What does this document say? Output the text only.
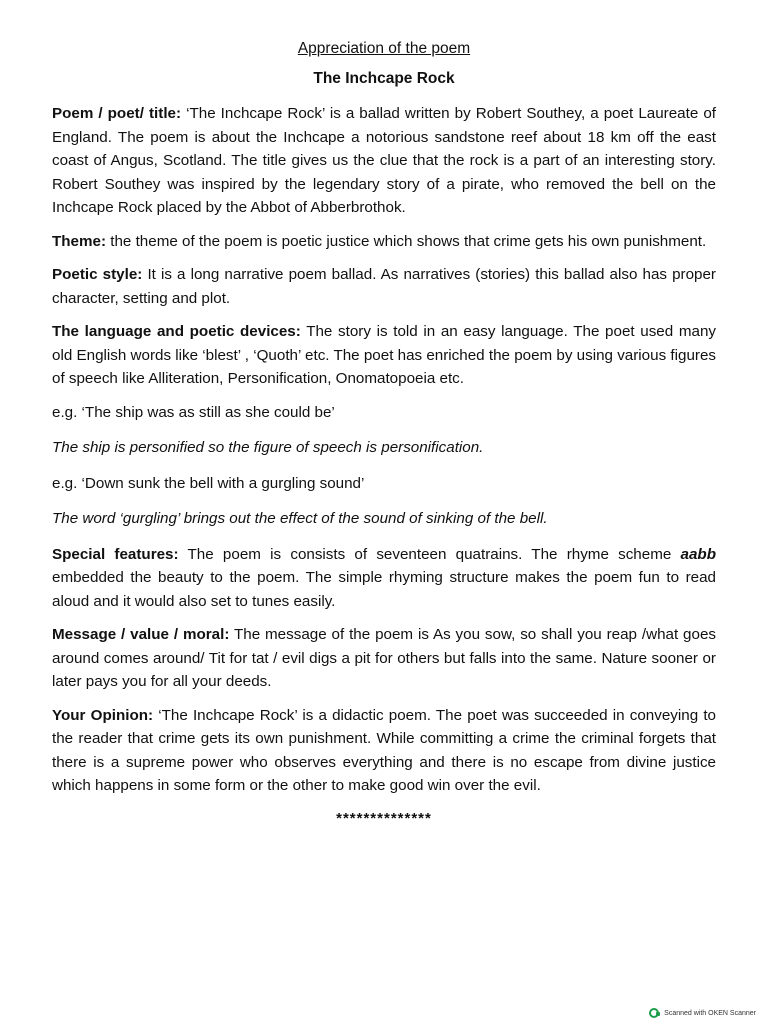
Appreciation of the poem
The Inchcape Rock

Poem / poet/ title: ‘The Inchcape Rock’ is a ballad written by Robert Southey, a poet Laureate of England. The poem is about the Inchcape a notorious sandstone reef about 18 km off the east coast of Angus, Scotland. The title gives us the clue that the rock is a part of an interesting story. Robert Southey was inspired by the legendary story of a pirate, who removed the bell on the Inchcape Rock placed by the Abbot of Abberbrothok.

Theme: the theme of the poem is poetic justice which shows that crime gets his own punishment.

Poetic style: It is a long narrative poem ballad. As narratives (stories) this ballad also has proper character, setting and plot.

The language and poetic devices: The story is told in an easy language. The poet used many old English words like ‘blest’ , ‘Quoth’ etc. The poet has enriched the poem by using various figures of speech like Alliteration, Personification, Onomatopoeia etc.

e.g. ‘The ship was as still as she could be’

The ship is personified so the figure of speech is personification.

e.g. ‘Down sunk the bell with a gurgling sound’

The word ‘gurgling’ brings out the effect of the sound of sinking of the bell.

Special features: The poem is consists of seventeen quatrains. The rhyme scheme aabb embedded the beauty to the poem. The simple rhyming structure makes the poem fun to read aloud and it would also set to tunes easily.

Message / value / moral: The message of the poem is As you sow, so shall you reap /what goes around comes around/ Tit for tat / evil digs a pit for others but falls into the same. Nature sooner or later pays you for all your deeds.

Your Opinion: ‘The Inchcape Rock’ is a didactic poem. The poet was succeeded in conveying to the reader that crime gets its own punishment. While committing a crime the criminal forgets that there is a supreme power who observes everything and there is no escape from divine justice which happens in some form or the other to make good win over the evil.

**************
Scanned with OKEN Scanner
